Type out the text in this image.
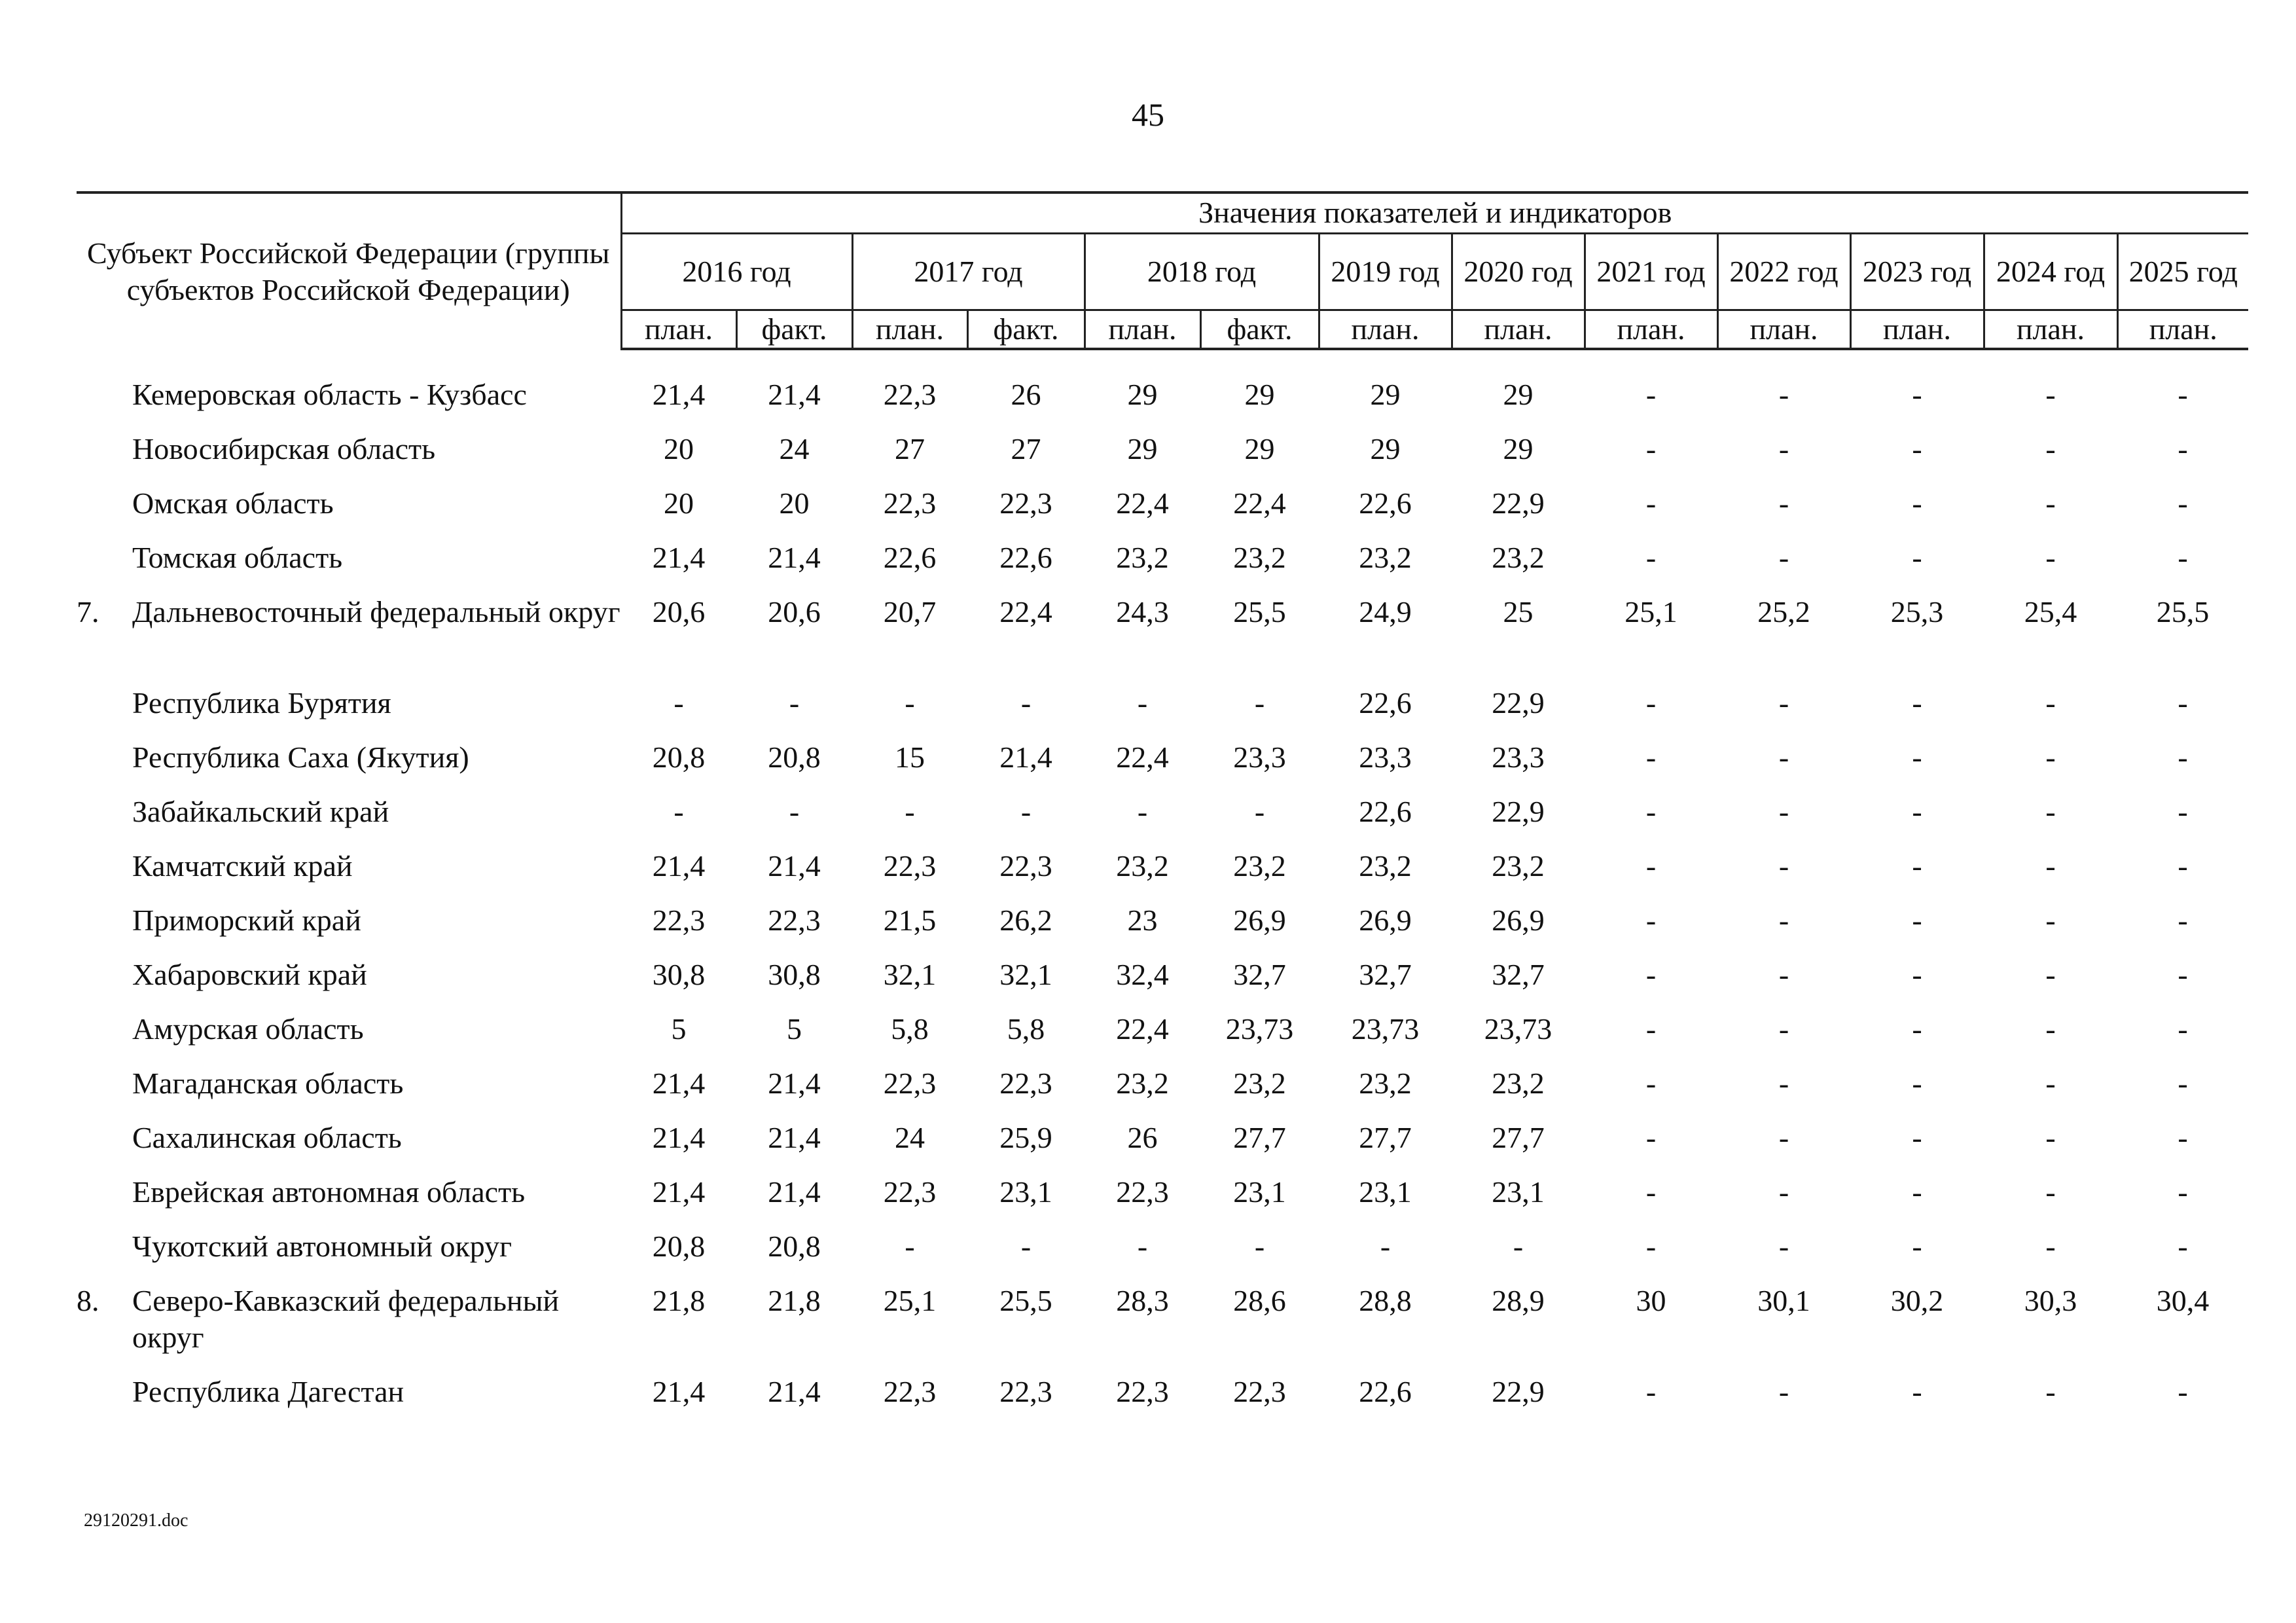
45
Субъект Российской Федерации (группы субъектов Российской Федерации)		Значения показателей и индикаторов												
		2016 год		2017 год		2018 год		2019 год	2020 год	2021 год	2022 год	2023 год	2024 год	2025 год
		план.	факт.	план.	факт.	план.	факт.	план.	план.	план.	план.	план.	план.	план.

	Кемеровская область - Кузбасс	21,4	21,4	22,3	26	29	29	29	29	-	-	-	-	-
	Новосибирская область	20	24	27	27	29	29	29	29	-	-	-	-	-
	Омская область	20	20	22,3	22,3	22,4	22,4	22,6	22,9	-	-	-	-	-
	Томская область	21,4	21,4	22,6	22,6	23,2	23,2	23,2	23,2	-	-	-	-	-
7.	Дальневосточный федеральный округ	20,6	20,6	20,7	22,4	24,3	25,5	24,9	25	25,1	25,2	25,3	25,4	25,5
	Республика Бурятия	-	-	-	-	-	-	22,6	22,9	-	-	-	-	-
	Республика Саха (Якутия)	20,8	20,8	15	21,4	22,4	23,3	23,3	23,3	-	-	-	-	-
	Забайкальский край	-	-	-	-	-	-	22,6	22,9	-	-	-	-	-
	Камчатский край	21,4	21,4	22,3	22,3	23,2	23,2	23,2	23,2	-	-	-	-	-
	Приморский край	22,3	22,3	21,5	26,2	23	26,9	26,9	26,9	-	-	-	-	-
	Хабаровский край	30,8	30,8	32,1	32,1	32,4	32,7	32,7	32,7	-	-	-	-	-
	Амурская область	5	5	5,8	5,8	22,4	23,73	23,73	23,73	-	-	-	-	-
	Магаданская область	21,4	21,4	22,3	22,3	23,2	23,2	23,2	23,2	-	-	-	-	-
	Сахалинская область	21,4	21,4	24	25,9	26	27,7	27,7	27,7	-	-	-	-	-
	Еврейская автономная область	21,4	21,4	22,3	23,1	22,3	23,1	23,1	23,1	-	-	-	-	-
	Чукотский автономный округ	20,8	20,8	-	-	-	-	-	-	-	-	-	-	-
8.	Северо-Кавказский федеральный округ	21,8	21,8	25,1	25,5	28,3	28,6	28,8	28,9	30	30,1	30,2	30,3	30,4
	Республика Дагестан	21,4	21,4	22,3	22,3	22,3	22,3	22,6	22,9	-	-	-	-	-
29120291.doc
